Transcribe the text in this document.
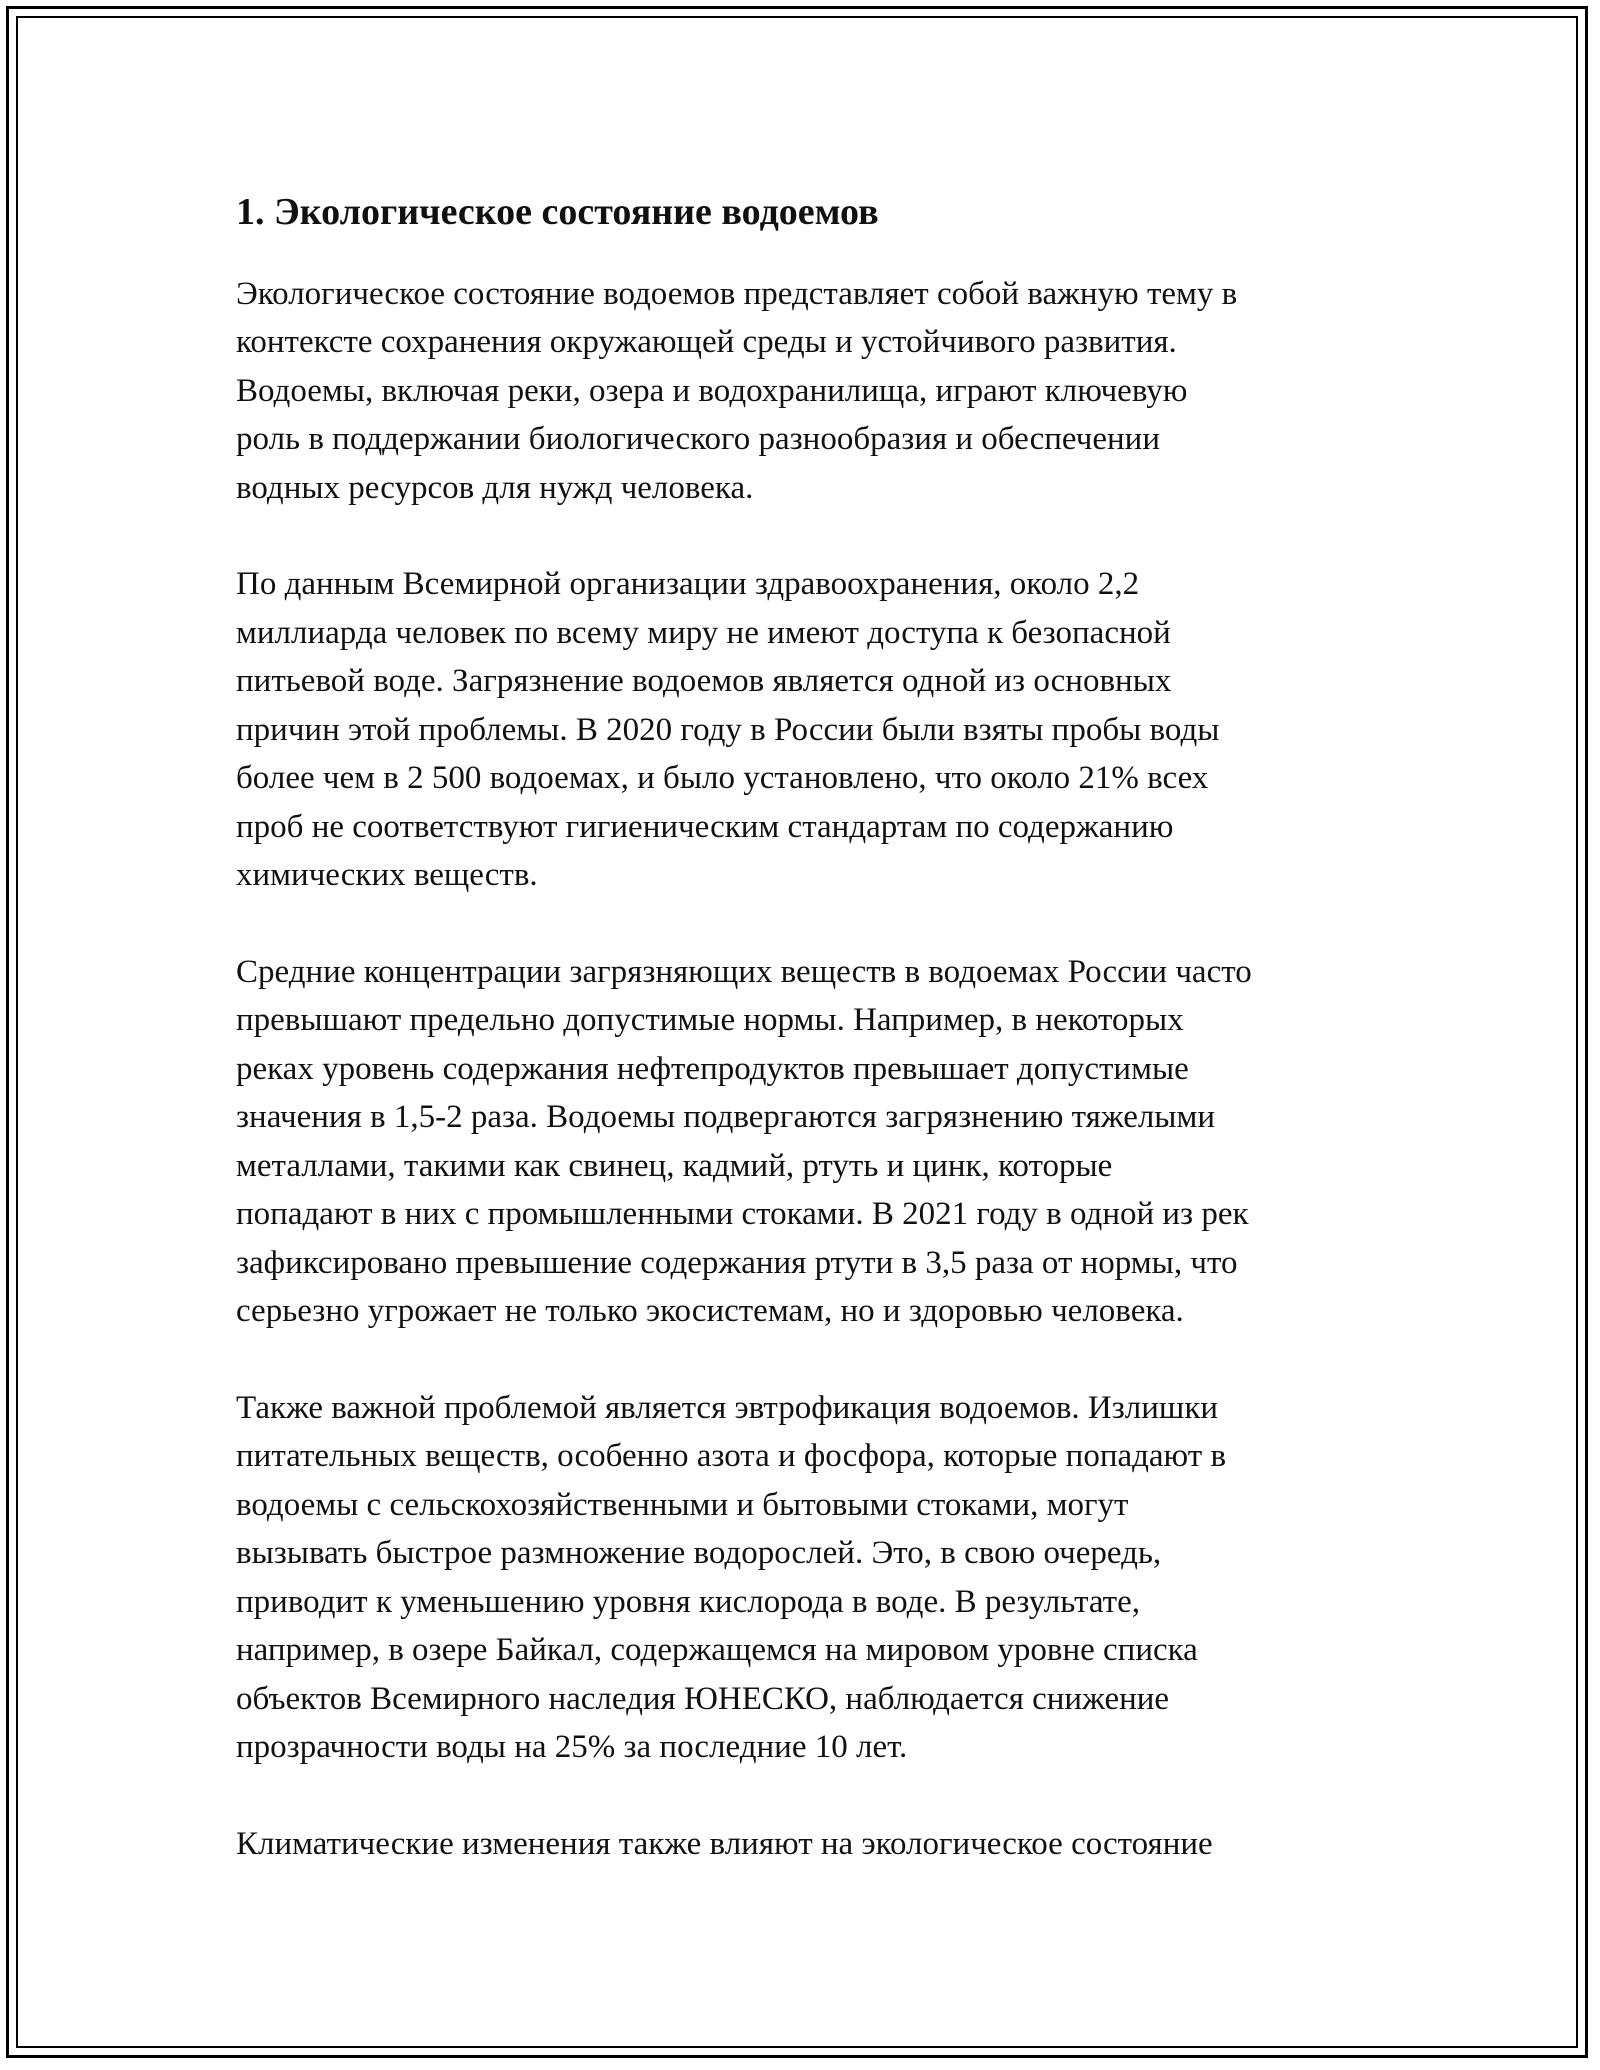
1. Экологическое состояние водоемов

Экологическое состояние водоемов представляет собой важную тему в
контексте сохранения окружающей среды и устойчивого развития.
Водоемы, включая реки, озера и водохранилища, играют ключевую
роль в поддержании биологического разнообразия и обеспечении
водных ресурсов для нужд человека.

По данным Всемирной организации здравоохранения, около 2,2
миллиарда человек по всему миру не имеют доступа к безопасной
питьевой воде. Загрязнение водоемов является одной из основных
причин этой проблемы. В 2020 году в России были взяты пробы воды
более чем в 2 500 водоемах, и было установлено, что около 21% всех
проб не соответствуют гигиеническим стандартам по содержанию
химических веществ.

Средние концентрации загрязняющих веществ в водоемах России часто
превышают предельно допустимые нормы. Например, в некоторых
реках уровень содержания нефтепродуктов превышает допустимые
значения в 1,5-2 раза. Водоемы подвергаются загрязнению тяжелыми
металлами, такими как свинец, кадмий, ртуть и цинк, которые
попадают в них с промышленными стоками. В 2021 году в одной из рек
зафиксировано превышение содержания ртути в 3,5 раза от нормы, что
серьезно угрожает не только экосистемам, но и здоровью человека.

Также важной проблемой является эвтрофикация водоемов. Излишки
питательных веществ, особенно азота и фосфора, которые попадают в
водоемы с сельскохозяйственными и бытовыми стоками, могут
вызывать быстрое размножение водорослей. Это, в свою очередь,
приводит к уменьшению уровня кислорода в воде. В результате,
например, в озере Байкал, содержащемся на мировом уровне списка
объектов Всемирного наследия ЮНЕСКО, наблюдается снижение
прозрачности воды на 25% за последние 10 лет.

Климатические изменения также влияют на экологическое состояние
